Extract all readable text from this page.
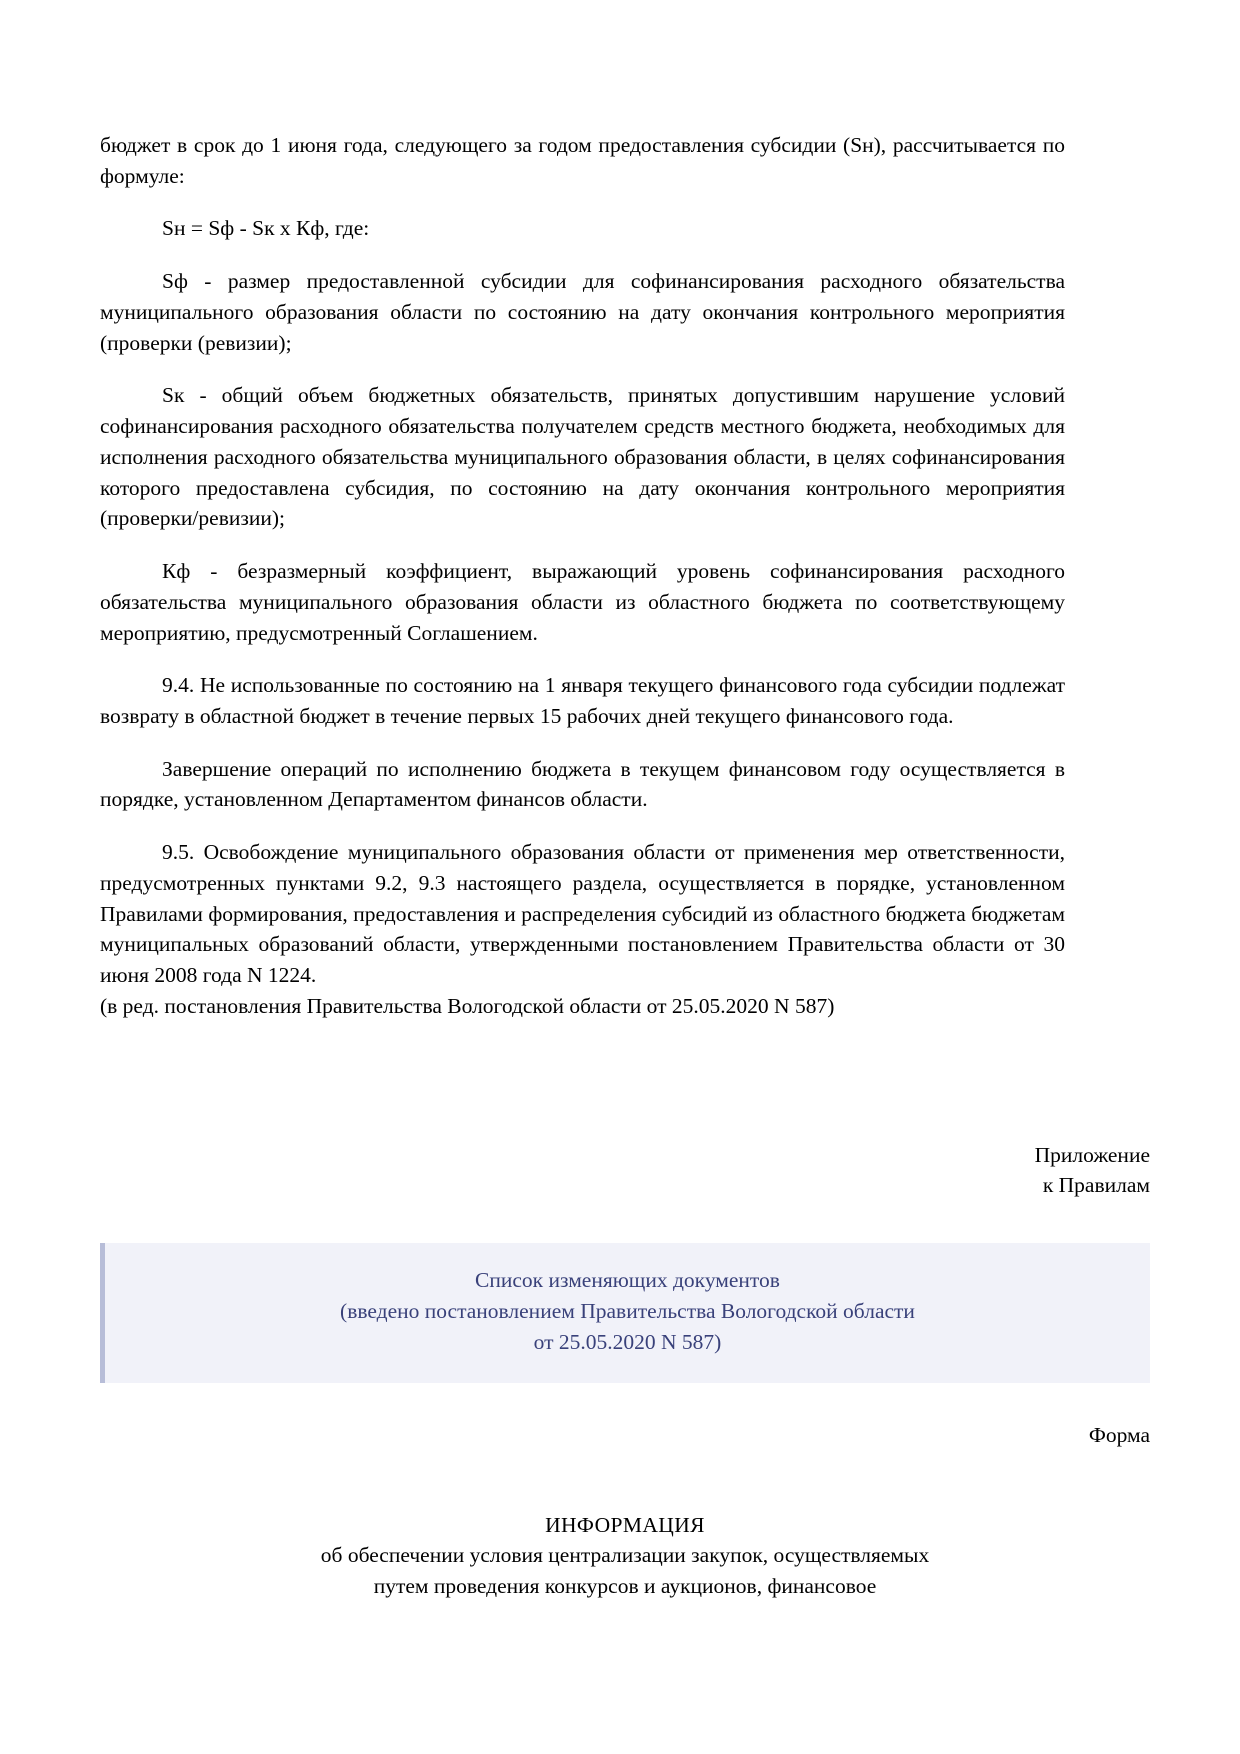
бюджет в срок до 1 июня года, следующего за годом предоставления субсидии (Sн), рассчитывается по формуле:

Sн = Sф - Sк x Кф, где:

Sф - размер предоставленной субсидии для софинансирования расходного обязательства муниципального образования области по состоянию на дату окончания контрольного мероприятия (проверки (ревизии);

Sк - общий объем бюджетных обязательств, принятых допустившим нарушение условий софинансирования расходного обязательства получателем средств местного бюджета, необходимых для исполнения расходного обязательства муниципального образования области, в целях софинансирования которого предоставлена субсидия, по состоянию на дату окончания контрольного мероприятия (проверки/ревизии);

Кф - безразмерный коэффициент, выражающий уровень софинансирования расходного обязательства муниципального образования области из областного бюджета по соответствующему мероприятию, предусмотренный Соглашением.

9.4. Не использованные по состоянию на 1 января текущего финансового года субсидии подлежат возврату в областной бюджет в течение первых 15 рабочих дней текущего финансового года.

Завершение операций по исполнению бюджета в текущем финансовом году осуществляется в порядке, установленном Департаментом финансов области.

9.5. Освобождение муниципального образования области от применения мер ответственности, предусмотренных пунктами 9.2, 9.3 настоящего раздела, осуществляется в порядке, установленном Правилами формирования, предоставления и распределения субсидий из областного бюджета бюджетам муниципальных образований области, утвержденными постановлением Правительства области от 30 июня 2008 года N 1224.

(в ред. постановления Правительства Вологодской области от 25.05.2020 N 587)

Приложение
к Правилам
Список изменяющих документов
(введено постановлением Правительства Вологодской области
от 25.05.2020 N 587)
Форма
ИНФОРМАЦИЯ
об обеспечении условия централизации закупок, осуществляемых
путем проведения конкурсов и аукционов, финансовое
